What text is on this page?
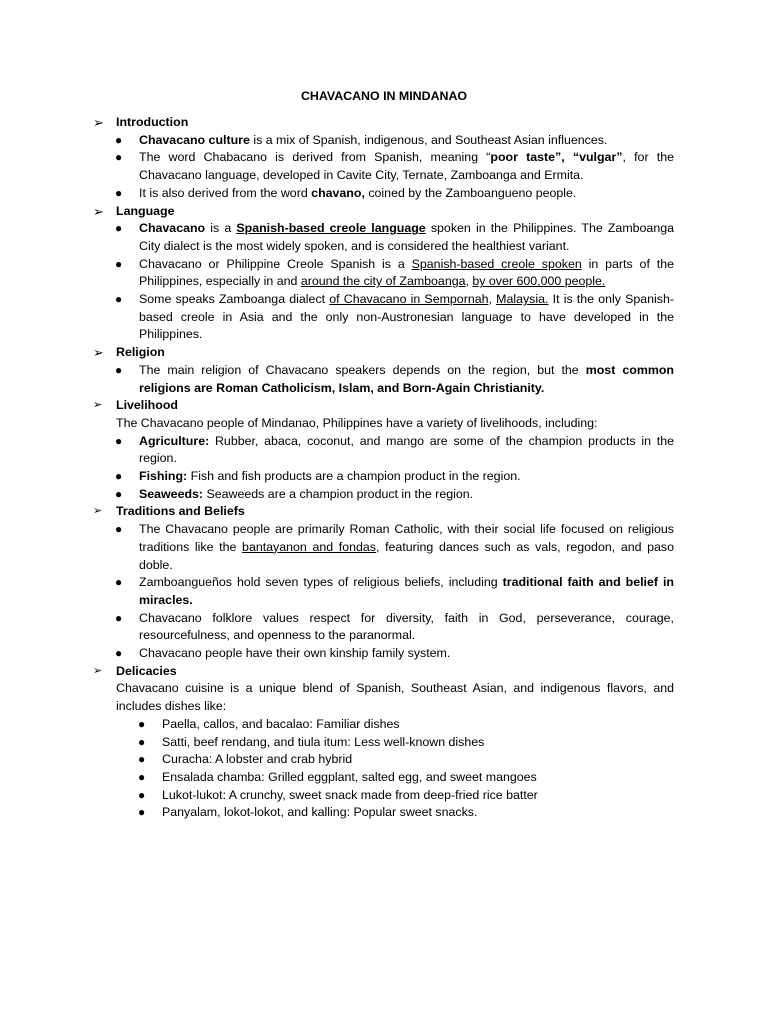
CHAVACANO IN MINDANAO
➢ Introduction
● Chavacano culture is a mix of Spanish, indigenous, and Southeast Asian influences.
● The word Chabacano is derived from Spanish, meaning “poor taste”, “vulgar”, for the Chavacano language, developed in Cavite City, Ternate, Zamboanga and Ermita.
● It is also derived from the word chavano, coined by the Zamboangueno people.
➢ Language
● Chavacano is a Spanish-based creole language spoken in the Philippines. The Zamboanga City dialect is the most widely spoken, and is considered the healthiest variant.
● Chavacano or Philippine Creole Spanish is a Spanish-based creole spoken in parts of the Philippines, especially in and around the city of Zamboanga, by over 600,000 people.
● Some speaks Zamboanga dialect of Chavacano in Sempornah, Malaysia. It is the only Spanish-based creole in Asia and the only non-Austronesian language to have developed in the Philippines.
➢ Religion
● The main religion of Chavacano speakers depends on the region, but the most common religions are Roman Catholicism, Islam, and Born-Again Christianity.
➢ Livelihood
The Chavacano people of Mindanao, Philippines have a variety of livelihoods, including:
● Agriculture: Rubber, abaca, coconut, and mango are some of the champion products in the region.
● Fishing: Fish and fish products are a champion product in the region.
● Seaweeds: Seaweeds are a champion product in the region.
➢ Traditions and Beliefs
● The Chavacano people are primarily Roman Catholic, with their social life focused on religious traditions like the bantayanon and fondas, featuring dances such as vals, regodon, and paso doble.
● Zamboangueños hold seven types of religious beliefs, including traditional faith and belief in miracles.
● Chavacano folklore values respect for diversity, faith in God, perseverance, courage, resourcefulness, and openness to the paranormal.
● Chavacano people have their own kinship family system.
➢ Delicacies
Chavacano cuisine is a unique blend of Spanish, Southeast Asian, and indigenous flavors, and includes dishes like:
● Paella, callos, and bacalao: Familiar dishes
● Satti, beef rendang, and tiula itum: Less well-known dishes
● Curacha: A lobster and crab hybrid
● Ensalada chamba: Grilled eggplant, salted egg, and sweet mangoes
● Lukot-lukot: A crunchy, sweet snack made from deep-fried rice batter
● Panyalam, lokot-lokot, and kalling: Popular sweet snacks.
